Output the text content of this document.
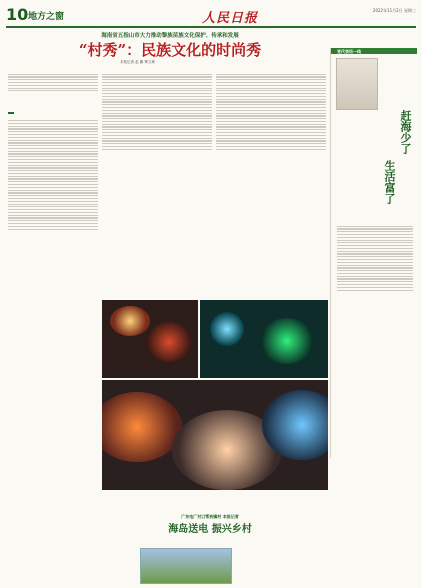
10 地方之窗	人民日报
2022年11月2日 星期三
海南省五指山市大力推动黎族苗族文化保护、传承和发展
“村秀”：民族文化的时尚秀
本报记者 赵 鹏 覃文珍
党代表话一线
赶海少了
生活富了
广东电厂对口帮扶镇村 本报记者
海岛送电 振兴乡村
